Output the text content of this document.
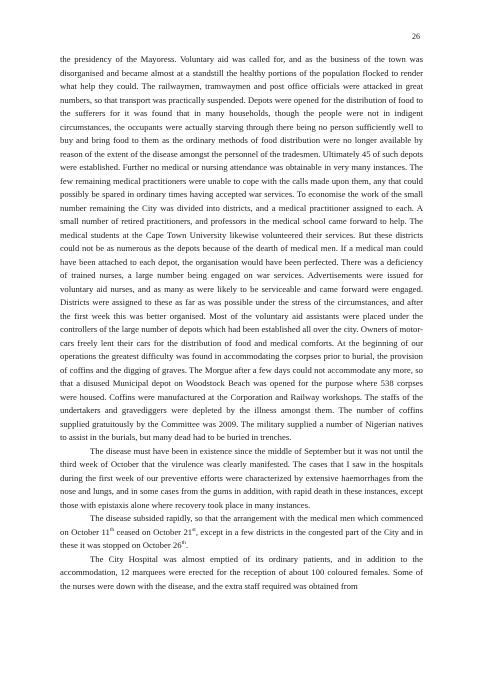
26

the presidency of the Mayoress. Voluntary aid was called for, and as the business of the town was disorganised and became almost at a standstill the healthy portions of the population flocked to render what help they could. The railwaymen, tramwaymen and post office officials were attacked in great numbers, so that transport was practically suspended. Depots were opened for the distribution of food to the sufferers for it was found that in many households, though the people were not in indigent circumstances, the occupants were actually starving through there being no person sufficiently well to buy and bring food to them as the ordinary methods of food distribution were no longer available by reason of the extent of the disease amongst the personnel of the tradesmen. Ultimately 45 of such depots were established. Further no medical or nursing attendance was obtainable in very many instances. The few remaining medical practitioners were unable to cope with the calls made upon them, any that could possibly be spared in ordinary times having accepted war services. To economise the work of the small number remaining the City was divided into districts, and a medical practitioner assigned to each. A small number of retired practitioners, and professors in the medical school came forward to help. The medical students at the Cape Town University likewise volunteered their services. But these districts could not be as numerous as the depots because of the dearth of medical men. If a medical man could have been attached to each depot, the organisation would have been perfected. There was a deficiency of trained nurses, a large number being engaged on war services. Advertisements were issued for voluntary aid nurses, and as many as were likely to be serviceable and came forward were engaged. Districts were assigned to these as far as was possible under the stress of the circumstances, and after the first week this was better organised. Most of the voluntary aid assistants were placed under the controllers of the large number of depots which had been established all over the city. Owners of motor-cars freely lent their cars for the distribution of food and medical comforts. At the beginning of our operations the greatest difficulty was found in accommodating the corpses prior to burial, the provision of coffins and the digging of graves. The Morgue after a few days could not accommodate any more, so that a disused Municipal depot on Woodstock Beach was opened for the purpose where 538 corpses were housed. Coffins were manufactured at the Corporation and Railway workshops. The staffs of the undertakers and gravediggers were depleted by the illness amongst them. The number of coffins supplied gratuitously by the Committee was 2009. The military supplied a number of Nigerian natives to assist in the burials, but many dead had to be buried in trenches.

The disease must have been in existence since the middle of September but it was not until the third week of October that the virulence was clearly manifested. The cases that I saw in the hospitals during the first week of our preventive efforts were characterized by extensive haemorrhages from the nose and lungs, and in some cases from the gums in addition, with rapid death in these instances, except those with epistaxis alone where recovery took place in many instances.

The disease subsided rapidly, so that the arrangement with the medical men which commenced on October 11th ceased on October 21st, except in a few districts in the congested part of the City and in these it was stopped on October 26th.

The City Hospital was almost emptied of its ordinary patients, and in addition to the accommodation, 12 marquees were erected for the reception of about 100 coloured females. Some of the nurses were down with the disease, and the extra staff required was obtained from
